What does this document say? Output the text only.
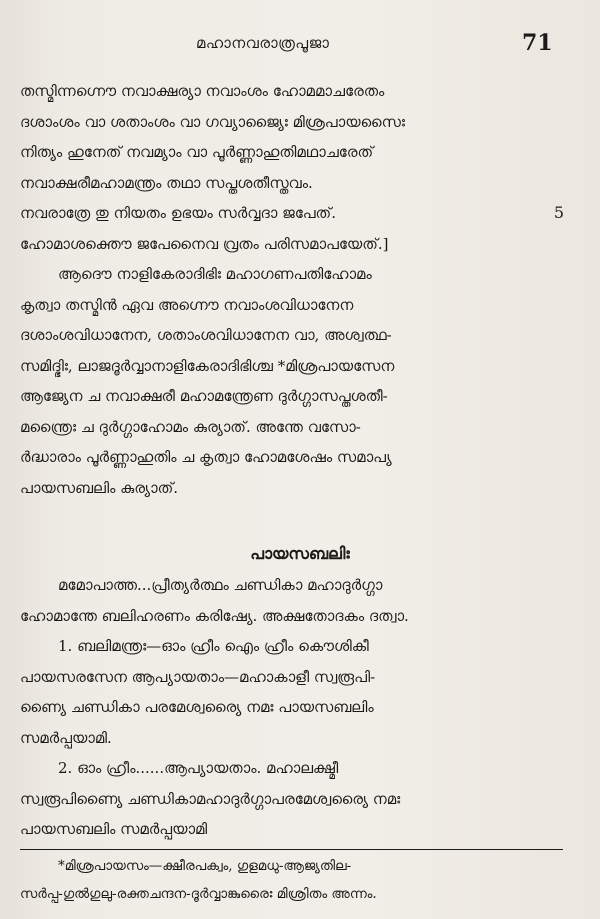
മഹാനവരാത്രപൂജാ	71
തസ്മിന്നഗ്നൌ നവാക്ഷര്യാ നവാംശം ഹോമമാചരേതം
ദശാംശം വാ ശതാംശം വാ ഗവ്യാജ്യൈഃ മിശ്രപായസൈഃ
നിത്യം ഹുനേത് നവമ്യാം വാ പൂർണ്ണാഹുതിമഥാചരേത്
നവാക്ഷരീമഹാമന്ത്രം തഥാ സപ്തശതീസ്തവം.
നവരാത്രേ തു നിയതം ഉഭയം സർവ്വദാ ജപേത്.	5
ഹോമാശക്തൌ ജപേനൈവ വ്രതം പരിസമാപയേത്.]
ആദൌ നാളികേരാദിഭിഃ മഹാഗണപതിഹോമം
കൃത്വാ തസ്മിൻ ഏവ അഗ്നൌ നവാംശവിധാനേന
ദശാംശവിധാനേന, ശതാംശവിധാനേന വാ, അശ്വത്ഥ-
സമിദ്ഭിഃ, ലാജദൂർവ്വാനാളികേരാദിഭിശ്ച *മിശ്രപായസേന
ആജ്യേന ച നവാക്ഷരീ മഹാമന്ത്രേണ ദുർഗ്ഗാസപ്തശതീ-
മന്ത്രൈഃ ച ദുർഗ്ഗാഹോമം കുര്യാത്. അന്തേ വസോ-
ർദ്ധാരാം പൂർണ്ണാഹുതിം ച കൃത്വാ ഹോമശേഷം സമാപ്യ
പായസബലിം കുര്യാത്.
പായസബലിഃ
മമോപാത്ത...പ്രീത്യർത്ഥം ചണ്ഡികാ മഹാദുർഗ്ഗാ
ഹോമാന്തേ ബലിഹരണം കരിഷ്യേ. അക്ഷതോദകം ദത്വാ.
1. ബലിമന്ത്രഃ—ഓം ഹ്രീം ഐം ഹ്രീം കൌശികീ
പായസരസേന ആപ്യായതാം—മഹാകാളീ സ്വരൂപി-
ണ്യൈ ചണ്ഡികാ പരമേശ്വര്യൈ നമഃ പായസബലിം
സമർപ്പയാമി.
2. ഓം ഹ്രീം......ആപ്യായതാം. മഹാലക്ഷ്മീ
സ്വരൂപിണ്യൈ ചണ്ഡികാമഹാദുർഗ്ഗാപരമേശ്വര്യൈ നമഃ
പായസബലിം സമർപ്പയാമി
*മിശ്രപായസം—ക്ഷീരപക്വം, ഗുളമധു-ആജ്യതില-
സർപ്പ-ഗുൽഗുലു-രക്തചന്ദന-ദൂർവ്വാങ്കുരൈഃ മിശ്രിതം അന്നം.
